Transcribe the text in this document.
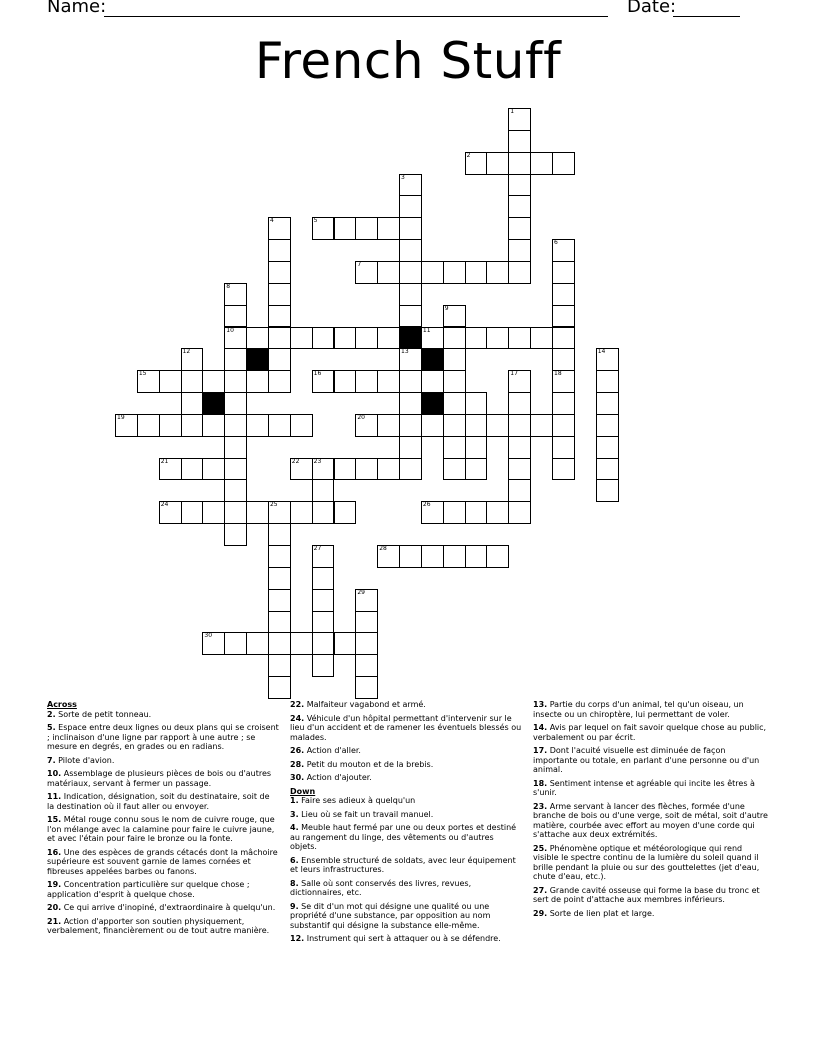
Name:	Date:
French Stuff
1
2
3
13
4	5
6
18
7
8
10
9
11
12	14
15	16	17
19	20
21	22 23
24	25	26
27	28
29
30
Across
2. Sorte de petit tonneau.
5. Espace entre deux lignes ou deux plans qui se croisent ; inclinaison d'une ligne par rapport à une autre ; se mesure en degrés, en grades ou en radians.
7. Pilote d'avion.
10. Assemblage de plusieurs pièces de bois ou d'autres matériaux, servant à fermer un passage.
11. Indication, désignation, soit du destinataire, soit de la destination où il faut aller ou envoyer.
15. Métal rouge connu sous le nom de cuivre rouge, que l'on mélange avec la calamine pour faire le cuivre jaune, et avec l'étain pour faire le bronze ou la fonte.
16. Une des espèces de grands cétacés dont la mâchoire supérieure est souvent garnie de lames cornées et fibreuses appelées barbes ou fanons.
19. Concentration particulière sur quelque chose ; application d'esprit à quelque chose.
20. Ce qui arrive d'inopiné, d'extraordinaire à quelqu'un.
21. Action d'apporter son soutien physiquement, verbalement, financièrement ou de tout autre manière.
22. Malfaiteur vagabond et armé.
24. Véhicule d'un hôpital permettant d'intervenir sur le lieu d'un accident et de ramener les éventuels blessés ou malades.
26. Action d'aller.
28. Petit du mouton et de la brebis.
30. Action d'ajouter.
Down
1. Faire ses adieux à quelqu'un
3. Lieu où se fait un travail manuel.
4. Meuble haut fermé par une ou deux portes et destiné au rangement du linge, des vêtements ou d'autres objets.
6. Ensemble structuré de soldats, avec leur équipement et leurs infrastructures.
8. Salle où sont conservés des livres, revues, dictionnaires, etc.
9. Se dit d'un mot qui désigne une qualité ou une propriété d'une substance, par opposition au nom substantif qui désigne la substance elle-même.
12. Instrument qui sert à attaquer ou à se défendre.
13. Partie du corps d'un animal, tel qu'un oiseau, un insecte ou un chiroptère, lui permettant de voler.
14. Avis par lequel on fait savoir quelque chose au public, verbalement ou par écrit.
17. Dont l'acuité visuelle est diminuée de façon importante ou totale, en parlant d'une personne ou d'un animal.
18. Sentiment intense et agréable qui incite les êtres à s'unir.
23. Arme servant à lancer des flèches, formée d'une branche de bois ou d'une verge, soit de métal, soit d'autre matière, courbée avec effort au moyen d'une corde qui s'attache aux deux extrémités.
25. Phénomène optique et météorologique qui rend visible le spectre continu de la lumière du soleil quand il brille pendant la pluie ou sur des gouttelettes (jet d'eau, chute d'eau, etc.).
27. Grande cavité osseuse qui forme la base du tronc et sert de point d'attache aux membres inférieurs.
29. Sorte de lien plat et large.
